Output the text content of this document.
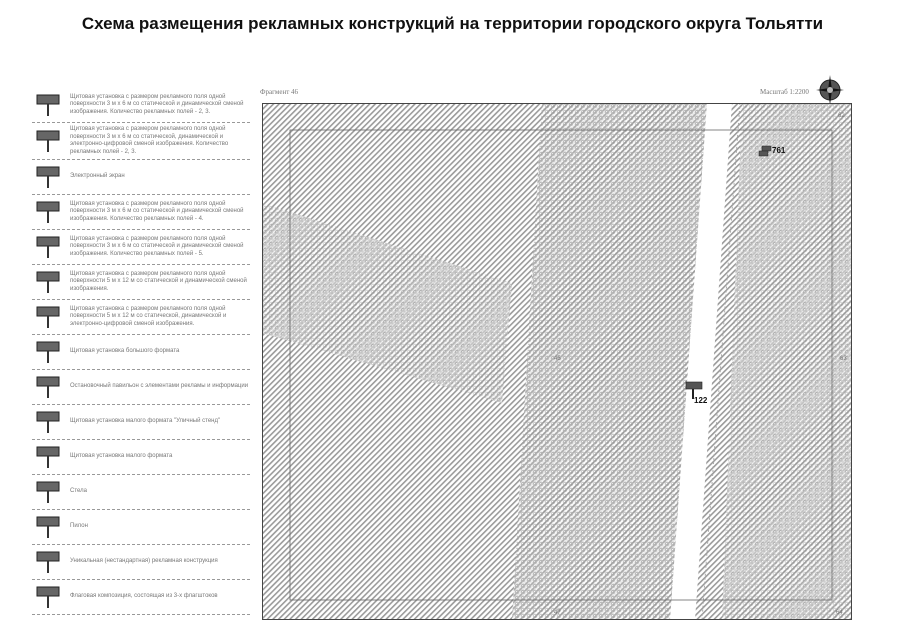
Схема размещения рекламных конструкций на территории городского округа Тольятти
Щитовая установка с размером рекламного поля одной поверхности 3 м х 6 м со статической и динамической сменой изображения. Количество рекламных полей - 2, 3.
Щитовая установка с размером рекламного поля одной поверхности 3 м х 6 м со статической, динамической и электронно-цифровой сменой изображения. Количество рекламных полей - 2, 3.
Электронный экран
Щитовая установка с размером рекламного поля одной поверхности 3 м х 6 м со статической и динамической сменой изображения. Количество рекламных полей - 4.
Щитовая установка с размером рекламного поля одной поверхности 3 м х 6 м со статической и динамической сменой изображения. Количество рекламных полей - 5.
Щитовая установка с размером рекламного поля одной поверхности 5 м х 12 м со статической и динамической сменой изображения.
Щитовая установка с размером рекламного поля одной поверхности 5 м х 12 м со статической, динамической и электронно-цифровой сменой изображения.
Щитовая установка большого формата
Остановочный павильон с элементами рекламы и информации
Щитовая установка малого формата "Уличный стенд"
Щитовая установка малого формата
Стела
Пилон
Уникальная (нестандартная) рекламная конструкция
Флаговая композиция, состоящая из 3-х флагштоков
Фрагмент 46	Масштаб 1:2200
62
45	63
47	64
761
122
